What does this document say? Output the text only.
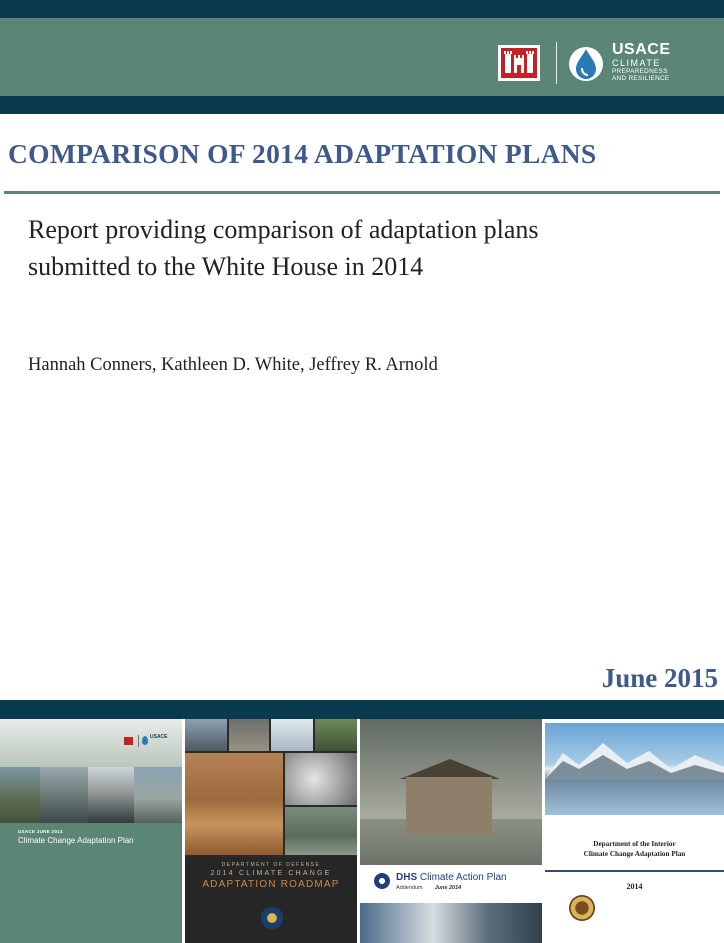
USACE
CLIMATE
PREPAREDNESS
AND RESILIENCE
COMPARISON OF 2014 ADAPTATION PLANS
Report providing comparison of adaptation plans
submitted to the White House in 2014
Hannah Conners, Kathleen D. White, Jeffrey R. Arnold
June 2015
USACE
USACE JUNE 2014
Climate Change Adaptation Plan
DEPARTMENT OF DEFENSE
2014 CLIMATE CHANGE
ADAPTATION ROADMAP
DHS Climate Action Plan
Addendum June 2014
Department of the Interior
Climate Change Adaptation Plan
2014
